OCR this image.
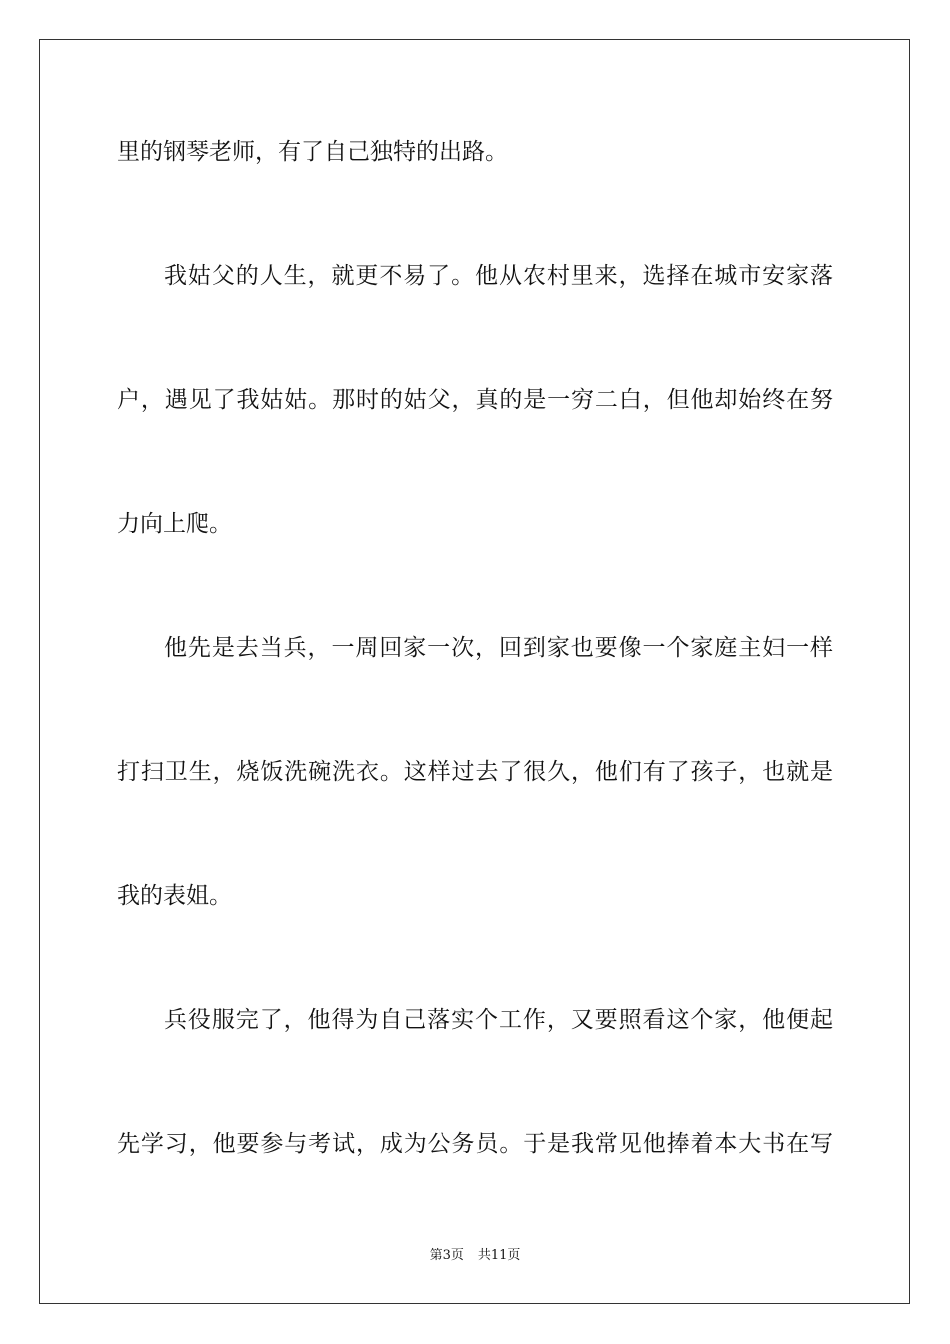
里的钢琴老师，有了自己独特的出路。
我姑父的人生，就更不易了。他从农村里来，选择在城市安家落
户，遇见了我姑姑。那时的姑父，真的是一穷二白，但他却始终在努
力向上爬。
他先是去当兵，一周回家一次，回到家也要像一个家庭主妇一样
打扫卫生，烧饭洗碗洗衣。这样过去了很久，他们有了孩子，也就是
我的表姐。
兵役服完了，他得为自己落实个工作，又要照看这个家，他便起
先学习，他要参与考试，成为公务员。于是我常见他捧着本大书在写
第3页 共11页
